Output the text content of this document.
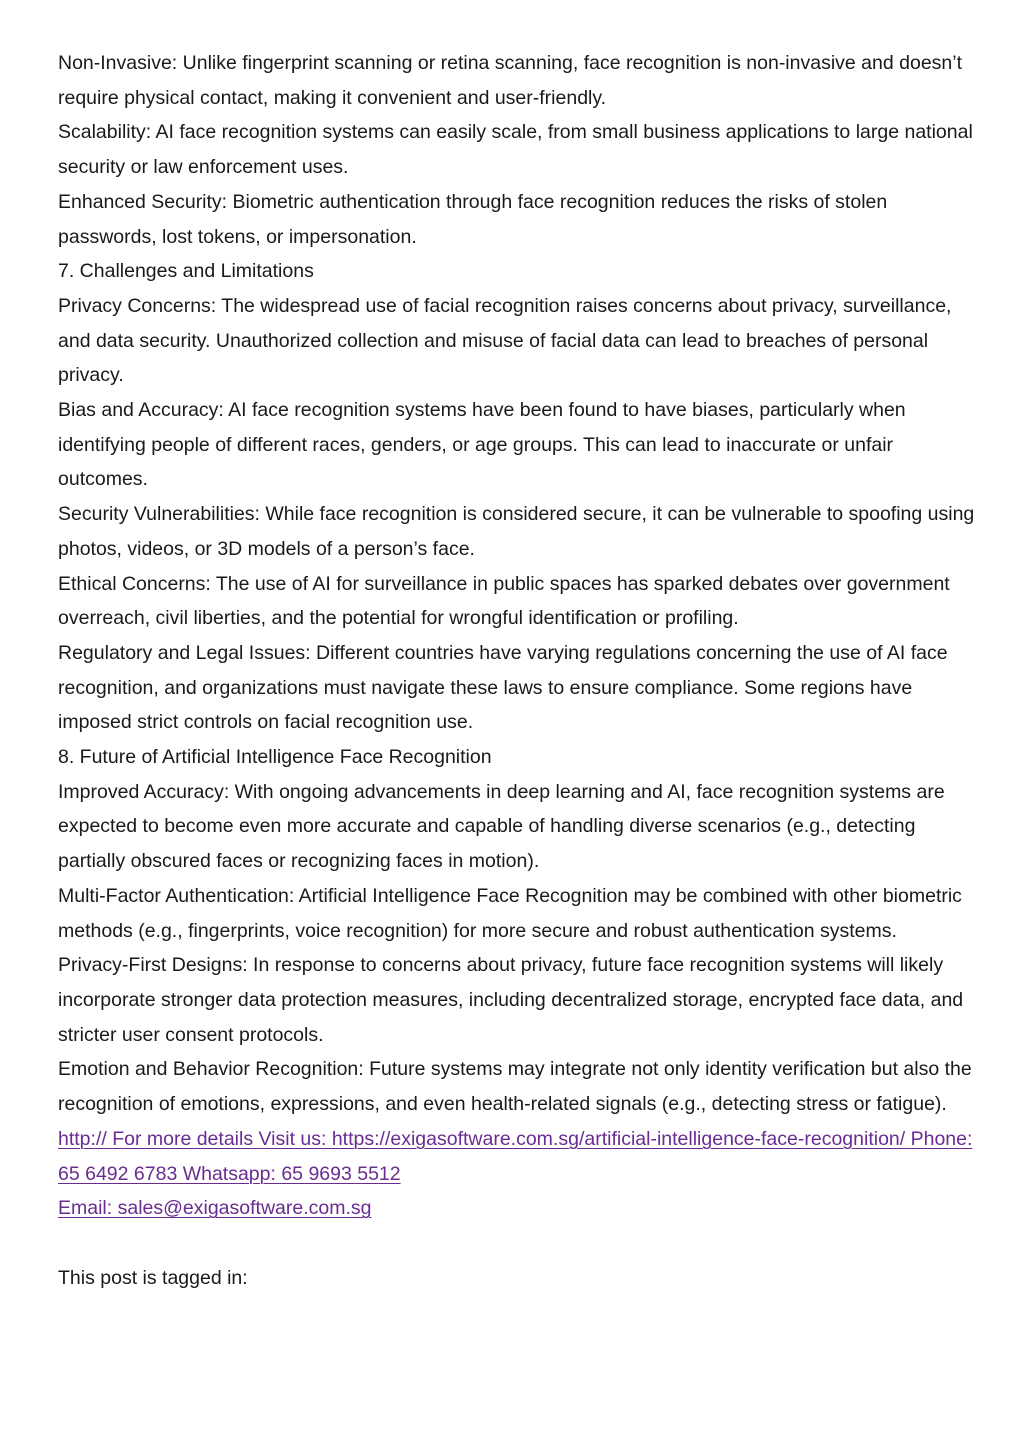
Non-Invasive: Unlike fingerprint scanning or retina scanning, face recognition is non-invasive and doesn’t require physical contact, making it convenient and user-friendly.

Scalability: AI face recognition systems can easily scale, from small business applications to large national security or law enforcement uses.

Enhanced Security: Biometric authentication through face recognition reduces the risks of stolen passwords, lost tokens, or impersonation.

7. Challenges and Limitations

Privacy Concerns: The widespread use of facial recognition raises concerns about privacy, surveillance, and data security. Unauthorized collection and misuse of facial data can lead to breaches of personal privacy.

Bias and Accuracy: AI face recognition systems have been found to have biases, particularly when identifying people of different races, genders, or age groups. This can lead to inaccurate or unfair outcomes.

Security Vulnerabilities: While face recognition is considered secure, it can be vulnerable to spoofing using photos, videos, or 3D models of a person’s face.

Ethical Concerns: The use of AI for surveillance in public spaces has sparked debates over government overreach, civil liberties, and the potential for wrongful identification or profiling.

Regulatory and Legal Issues: Different countries have varying regulations concerning the use of AI face recognition, and organizations must navigate these laws to ensure compliance. Some regions have imposed strict controls on facial recognition use.

8. Future of Artificial Intelligence Face Recognition

Improved Accuracy: With ongoing advancements in deep learning and AI, face recognition systems are expected to become even more accurate and capable of handling diverse scenarios (e.g., detecting partially obscured faces or recognizing faces in motion).

Multi-Factor Authentication: Artificial Intelligence Face Recognition may be combined with other biometric methods (e.g., fingerprints, voice recognition) for more secure and robust authentication systems.

Privacy-First Designs: In response to concerns about privacy, future face recognition systems will likely incorporate stronger data protection measures, including decentralized storage, encrypted face data, and stricter user consent protocols.

Emotion and Behavior Recognition: Future systems may integrate not only identity verification but also the recognition of emotions, expressions, and even health-related signals (e.g., detecting stress or fatigue).

http:// For more details Visit us: https://exigasoftware.com.sg/artificial-intelligence-face-recognition/ Phone: 65 6492 6783 Whatsapp: 65 9693 5512

Email: sales@exigasoftware.com.sg

This post is tagged in:
